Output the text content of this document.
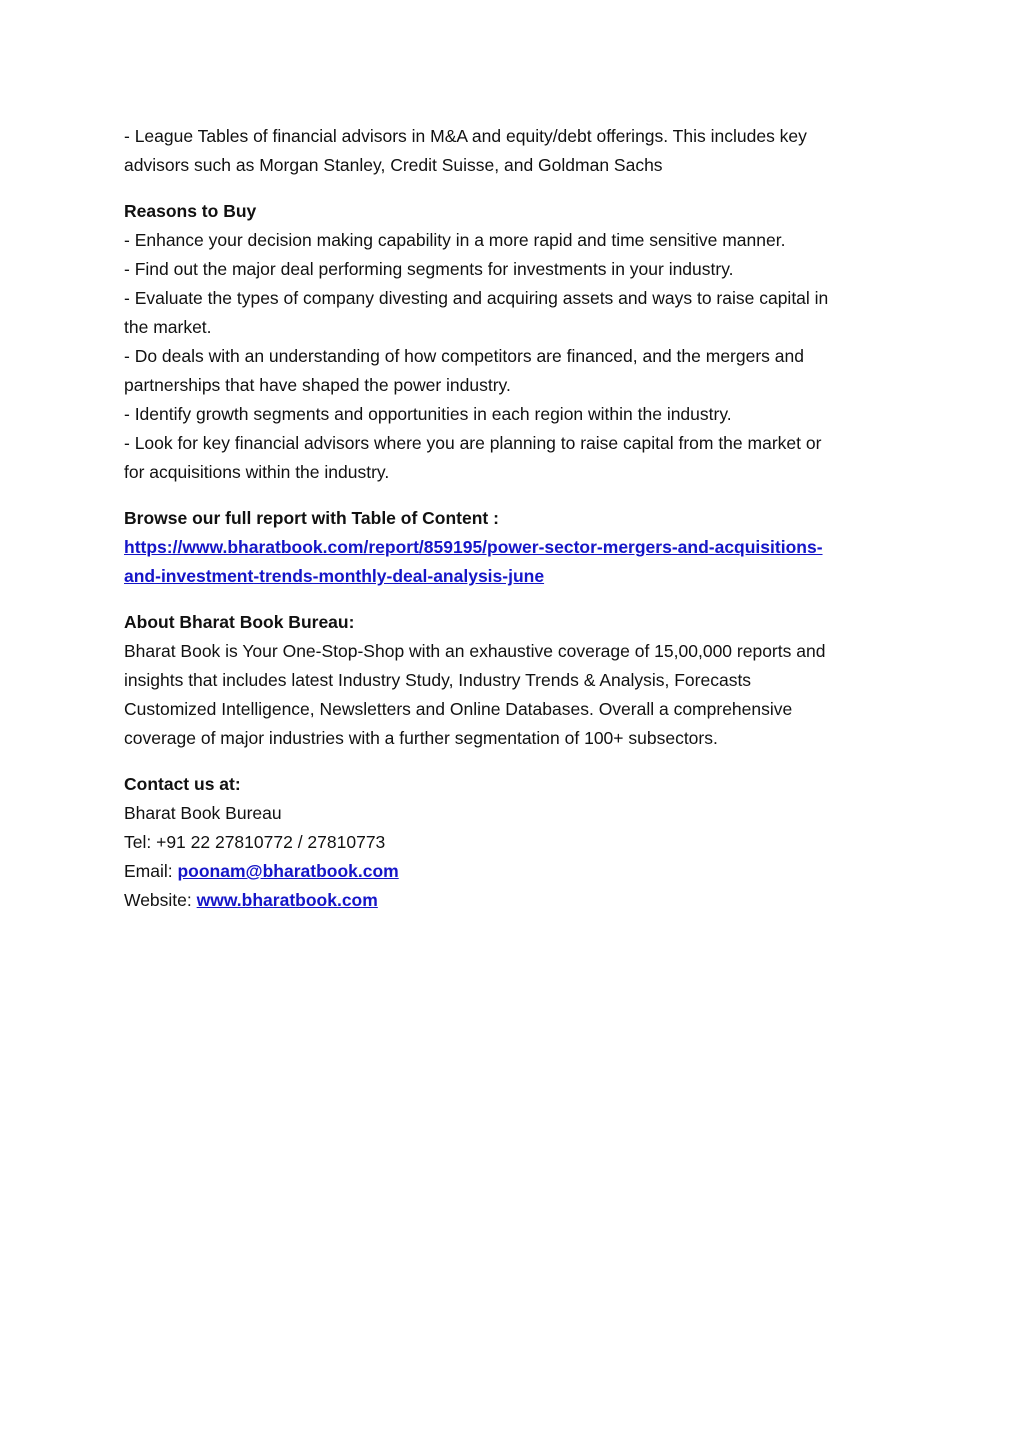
- League Tables of financial advisors in M&A and equity/debt offerings. This includes key
advisors such as Morgan Stanley, Credit Suisse, and Goldman Sachs
Reasons to Buy
- Enhance your decision making capability in a more rapid and time sensitive manner.
- Find out the major deal performing segments for investments in your industry.
- Evaluate the types of company divesting and acquiring assets and ways to raise capital in
the market.
- Do deals with an understanding of how competitors are financed, and the mergers and
partnerships that have shaped the power industry.
- Identify growth segments and opportunities in each region within the industry.
- Look for key financial advisors where you are planning to raise capital from the market or
for acquisitions within the industry.
Browse our full report with Table of Content :
https://www.bharatbook.com/report/859195/power-sector-mergers-and-acquisitions-
and-investment-trends-monthly-deal-analysis-june
About Bharat Book Bureau:
Bharat Book is Your One-Stop-Shop with an exhaustive coverage of 15,00,000 reports and
insights that includes latest Industry Study, Industry Trends & Analysis, Forecasts
Customized Intelligence, Newsletters and Online Databases. Overall a comprehensive
coverage of major industries with a further segmentation of 100+ subsectors.
Contact us at:
Bharat Book Bureau
Tel: +91 22 27810772 / 27810773
Email: poonam@bharatbook.com
Website: www.bharatbook.com
